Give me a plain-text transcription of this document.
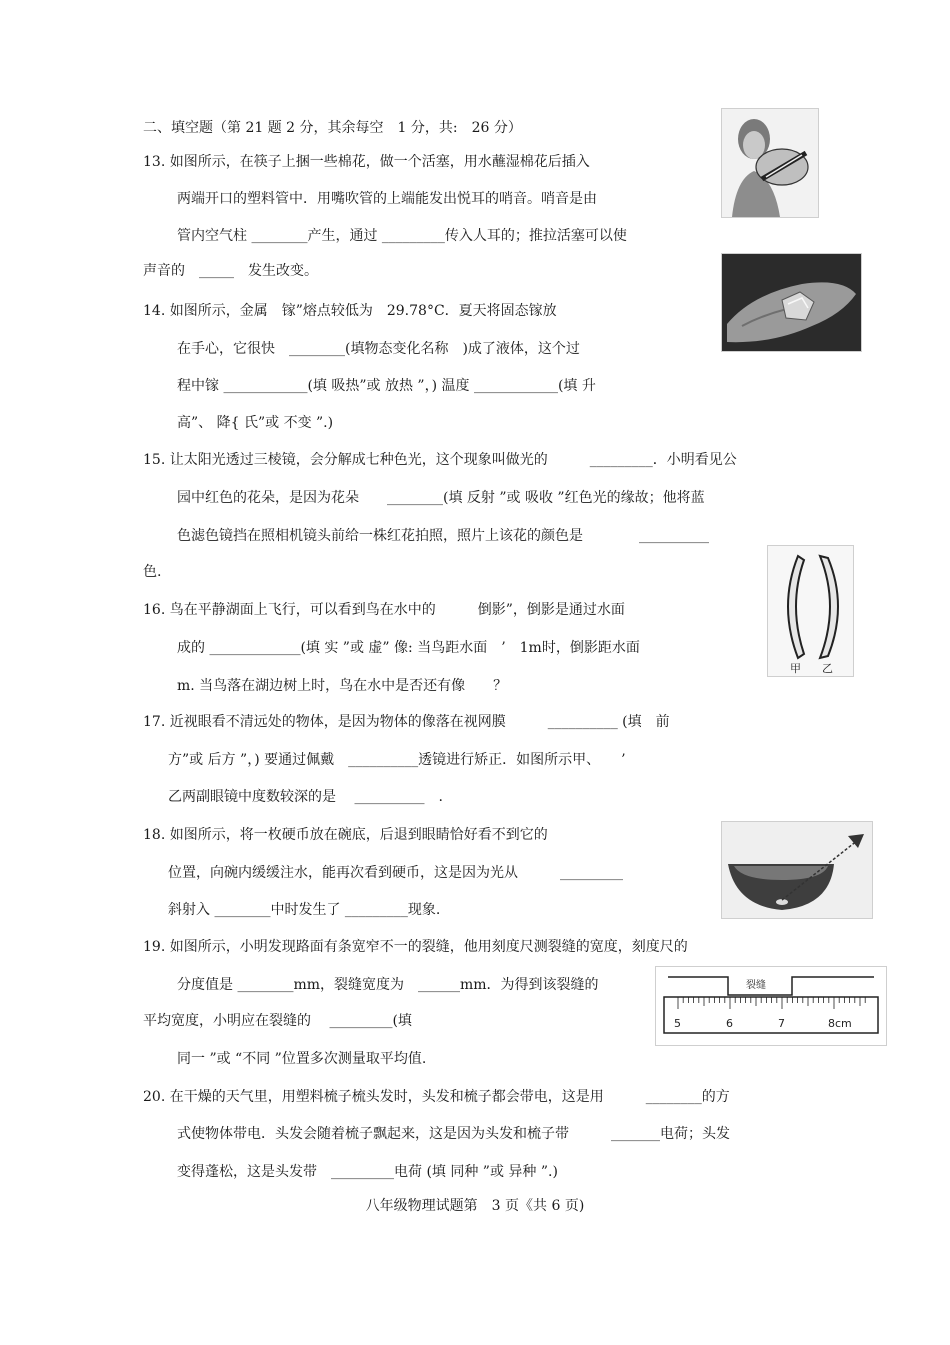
二、填空题（第 21 题 2 分，其余每空　1 分，共:　26 分）
13. 如图所示，在筷子上捆一些棉花，做一个活塞，用水蘸湿棉花后插入
两端开口的塑料管中．用嘴吹管的上端能发出悦耳的哨音。哨音是由
管内空气柱 ________产生，通过 _________传入人耳的；推拉活塞可以使
声音的　_____　发生改变。
14. 如图所示，金属　镓”熔点较低为　29.78°C．夏天将固态镓放
在手心，它很快　________(填物态变化名称　)成了液体，这个过
程中镓 ____________(填 吸热”或 放热 ”，) 温度 ____________(填 升
高”、 降{ 氏”或 不变 ”.)
15. 让太阳光透过三棱镜，会分解成七种色光，这个现象叫做光的　　　_________．小明看见公
园中红色的花朵，是因为花朵　　________(填 反射 ”或 吸收 ”红色光的缘故；他将蓝
色滤色镜挡在照相机镜头前给一株红花拍照，照片上该花的颜色是　　　　__________
色.
16. 鸟在平静湖面上飞行，可以看到鸟在水中的　　　倒影”，倒影是通过水面
成的 _____________(填 实 ”或 虚” 像: 当鸟距水面　’　1m时，倒影距水面
m. 当鸟落在湖边树上时，鸟在水中是否还有像　　？
17. 近视眼看不清远处的物体，是因为物体的像落在视网膜　　　__________ (填　前
方”或 后方 ”，) 要通过佩戴　__________透镜进行矫正．如图所示甲、　　’
乙两副眼镜中度数较深的是　 __________　.
18. 如图所示，将一枚硬币放在碗底，后退到眼睛恰好看不到它的
位置，向碗内缓缓注水，能再次看到硬币，这是因为光从　　　_________
斜射入 ________中时发生了 _________现象.
19. 如图所示，小明发现路面有条宽窄不一的裂缝，他用刻度尺测裂缝的宽度，刻度尺的
分度值是 ________mm，裂缝宽度为　______mm．为得到该裂缝的
平均宽度，小明应在裂缝的　 _________(填
同一 ”或 “不同 ”位置多次测量取平均值.
20. 在干燥的天气里，用塑料梳子梳头发时，头发和梳子都会带电，这是用　　　________的方
式使物体带电．头发会随着梳子飘起来，这是因为头发和梳子带　　　_______电荷；头发
变得蓬松，这是头发带　_________电荷 (填 同种 ”或 异种 ”.)
八年级物理试题第　3 页《共 6 页)
甲 乙
裂缝
5	6	7	8cm
